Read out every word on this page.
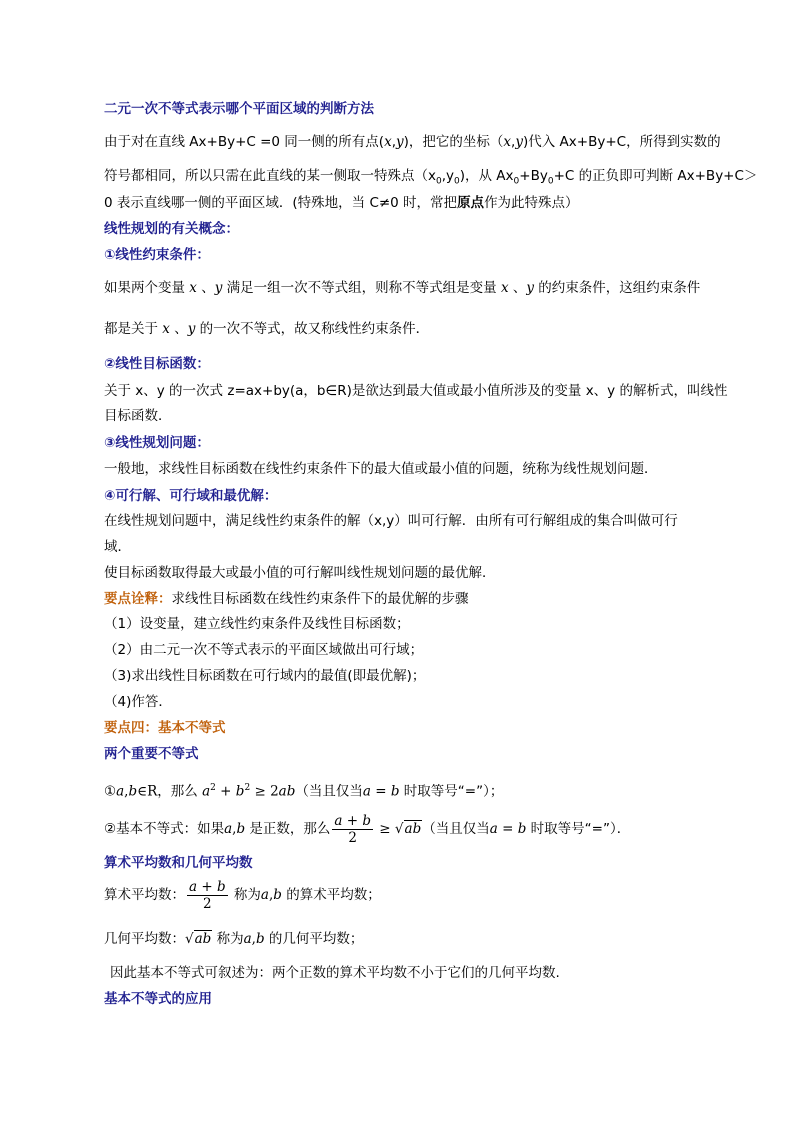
二元一次不等式表示哪个平面区域的判断方法
由于对在直线 Ax+By+C =0 同一侧的所有点(x,y)，把它的坐标（x,y)代入 Ax+By+C，所得到实数的
符号都相同，所以只需在此直线的某一侧取一特殊点$(x_0,y_0)$，从 $Ax_0+By_0+C$ 的正负即可判断 Ax+By+C＞
0 表示直线哪一侧的平面区域．(特殊地，当 C≠0 时，常把原点作为此特殊点）
线性规划的有关概念：
①线性约束条件：
如果两个变量 x 、y 满足一组一次不等式组，则称不等式组是变量 x 、y 的约束条件，这组约束条件
都是关于 x 、y 的一次不等式，故又称线性约束条件．
②线性目标函数：
关于 x、y 的一次式 z=ax+by(a，b∈R)是欲达到最大值或最小值所涉及的变量 x、y 的解析式，叫线性
目标函数．
③线性规划问题：
一般地，求线性目标函数在线性约束条件下的最大值或最小值的问题，统称为线性规划问题．
④可行解、可行域和最优解：
在线性规划问题中，满足线性约束条件的解（x,y）叫可行解．由所有可行解组成的集合叫做可行
域．
使目标函数取得最大或最小值的可行解叫线性规划问题的最优解．
要点诠释：求线性目标函数在线性约束条件下的最优解的步骤
（1）设变量，建立线性约束条件及线性目标函数；
（2）由二元一次不等式表示的平面区域做出可行域；
（3)求出线性目标函数在可行域内的最值(即最优解)；
（4)作答．
要点四：基本不等式
两个重要不等式
①a,b∈R，那么 $a^2 + b^2 \ge 2ab$（当且仅当a = b 时取等号“=”）；
②基本不等式：如果a,b 是正数，那么 $\frac{a + b}{2} \ge √ab$（当且仅当a = b 时取等号“=”）．
算术平均数和几何平均数
算术平均数： $\frac{a + b}{2}$ 称为a,b 的算术平均数；
几何平均数：√ab 称为a,b 的几何平均数；
因此基本不等式可叙述为：两个正数的算术平均数不小于它们的几何平均数.
基本不等式的应用
